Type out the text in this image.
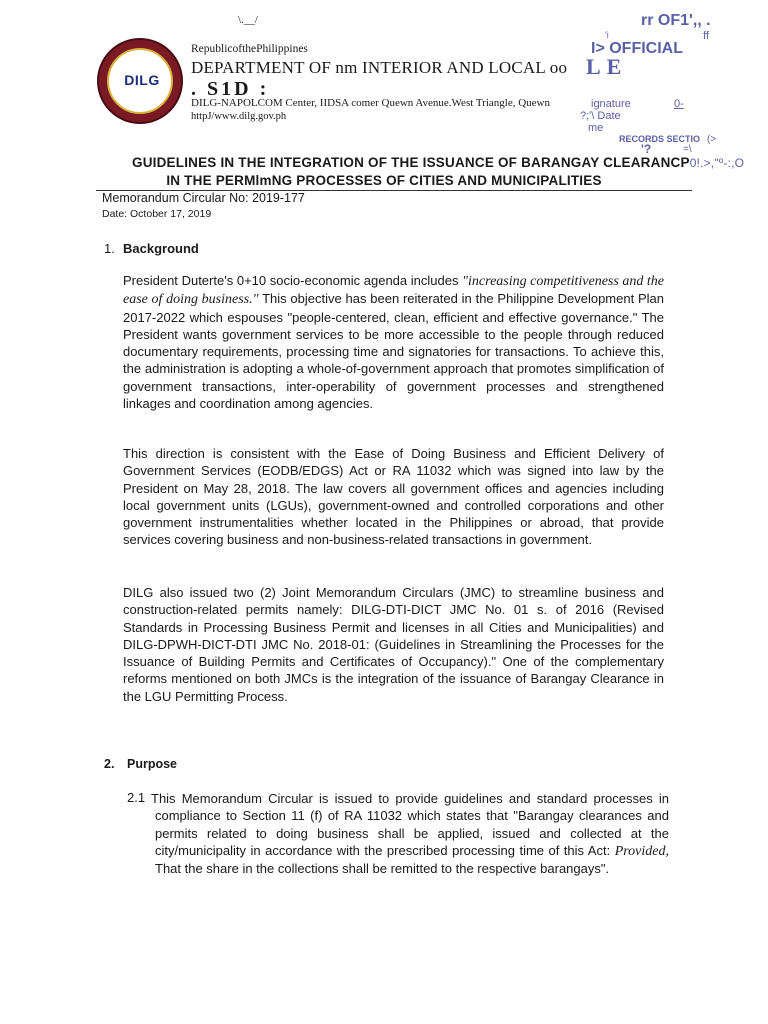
\.__/
DILG
RepublicofthePhilippines
DEPARTMENT OF nm INTERIOR AND LOCAL oo
. S1D :
DILG-NAPOLCOM Center, IIDSA comer Quewn Avenue.West Triangle, Quewn
httpJ/www.dilg.gov.ph
rr OF1',, .
'i	ff
I> OFFICIAL
LE
ignature	0-
?;'\ Date
me
RECORDS SECTIO (>
'?	=\
GUIDELINES IN THE INTEGRATION OF THE ISSUANCE OF BARANGAY CLEARANCP0!.>,"º-:,O
IN THE PERMlmNG PROCESSES OF CITIES AND MUNICIPALITIES
Memorandum Circular No: 2019-177
Date: October 17, 2019
1. Background
President Duterte's 0+10 socio-economic agenda includes "increasing competitiveness and the ease of doing business." This objective has been reiterated in the Philippine Development Plan 2017-2022 which espouses "people-centered, clean, efficient and effective governance." The President wants government services to be more accessible to the people through reduced documentary requirements, processing time and signatories for transactions. To achieve this, the administration is adopting a whole-of-government approach that promotes simplification of government transactions, inter-operability of government processes and strengthened linkages and coordination among agencies.
This direction is consistent with the Ease of Doing Business and Efficient Delivery of Government Services (EODB/EDGS) Act or RA 11032 which was signed into law by the President on May 28, 2018. The law covers all government offices and agencies including local government units (LGUs), government-owned and controlled corporations and other government instrumentalities whether located in the Philippines or abroad, that provide services covering business and non-business-related transactions in government.
DILG also issued two (2) Joint Memorandum Circulars (JMC) to streamline business and construction-related permits namely: DILG-DTI-DICT JMC No. 01 s. of 2016 (Revised Standards in Processing Business Permit and licenses in all Cities and Municipalities) and DILG-DPWH-DICT-DTI JMC No. 2018-01: (Guidelines in Streamlining the Processes for the Issuance of Building Permits and Certificates of Occupancy)." One of the complementary reforms mentioned on both JMCs is the integration of the issuance of Barangay Clearance in the LGU Permitting Process.
2. Purpose
2.1 This Memorandum Circular is issued to provide guidelines and standard processes in compliance to Section 11 (f) of RA 11032 which states that "Barangay clearances and permits related to doing business shall be applied, issued and collected at the city/municipality in accordance with the prescribed processing time of this Act: Provided, That the share in the collections shall be remitted to the respective barangays".
